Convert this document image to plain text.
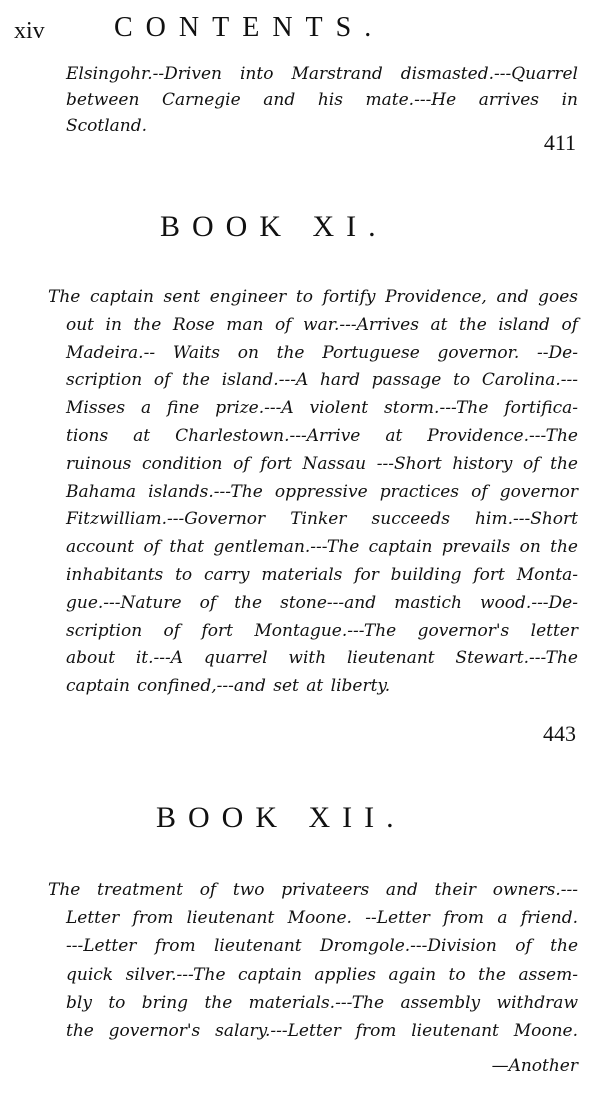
xiv CONTENTS.
Elsingohr.--Driven into Marstrand dismasted.---Quarrel
between Carnegie and his mate.---He arrives in
Scotland.
411
BOOK XI.
The captain sent engineer to fortify Providence, and goes
out in the Rose man of war.---Arrives at the island of
Madeira.-- Waits on the Portuguese governor. --De-
scription of the island.---A hard passage to Carolina.---
Misses a fine prize.---A violent storm.---The fortifica-
tions at Charlestown.---Arrive at Providence.---The
ruinous condition of fort Nassau ---Short history of the
Bahama islands.---The oppressive practices of governor
Fitzwilliam.---Governor Tinker succeeds him.---Short
account of that gentleman.---The captain prevails on the
inhabitants to carry materials for building fort Monta-
gue.---Nature of the stone---and mastich wood.---De-
scription of fort Montague.---The governor's letter
about it.---A quarrel with lieutenant Stewart.---The
captain confined,---and set at liberty.
443
BOOK XII.
The treatment of two privateers and their owners.---
Letter from lieutenant Moone. --Letter from a friend.
---Letter from lieutenant Dromgole.---Division of the
quick silver.---The captain applies again to the assem-
bly to bring the materials.---The assembly withdraw
the governor's salary.---Letter from lieutenant Moone.
—Another
